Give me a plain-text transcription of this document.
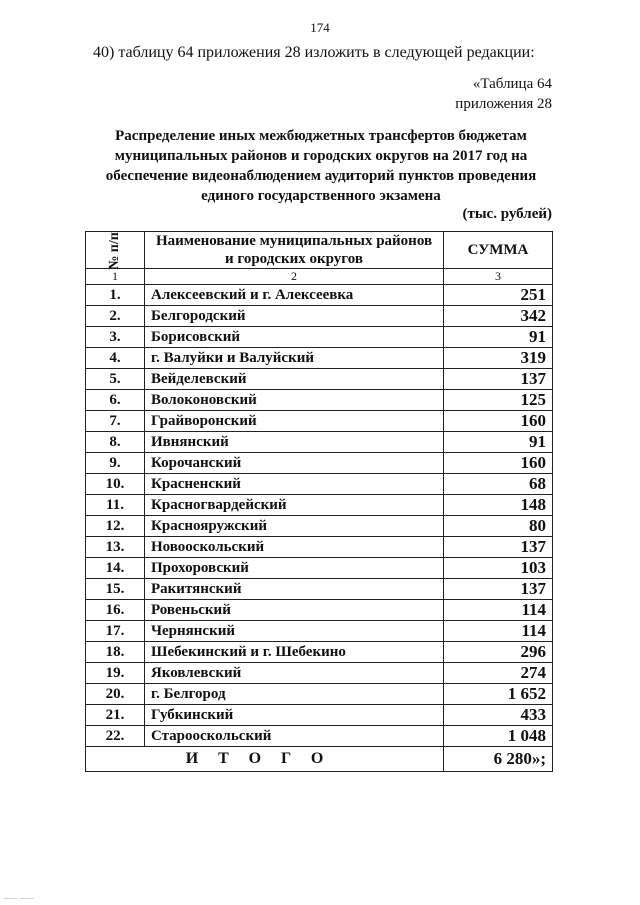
174
40) таблицу 64 приложения 28 изложить в следующей редакции:
«Таблица 64
приложения 28
Распределение иных межбюджетных трансфертов бюджетам муниципальных районов и городских округов на 2017 год на обеспечение видеонаблюдением аудиторий пунктов проведения единого государственного экзамена
(тыс. рублей)
№ п/п	Наименование муниципальных районов и городских округов	СУММА
1	2	3
1.	Алексеевский и г. Алексеевка	251
2.	Белгородский	342
3.	Борисовский	91
4.	г. Валуйки и Валуйский	319
5.	Вейделевский	137
6.	Волоконовский	125
7.	Грайворонский	160
8.	Ивнянский	91
9.	Корочанский	160
10.	Красненский	68
11.	Красногвардейский	148
12.	Краснояружский	80
13.	Новооскольский	137
14.	Прохоровский	103
15.	Ракитянский	137
16.	Ровеньский	114
17.	Чернянский	114
18.	Шебекинский и г. Шебекино	296
19.	Яковлевский	274
20.	г. Белгород	1 652
21.	Губкинский	433
22.	Старооскольский	1 048
ИТОГО		6 280»;
—— ——
